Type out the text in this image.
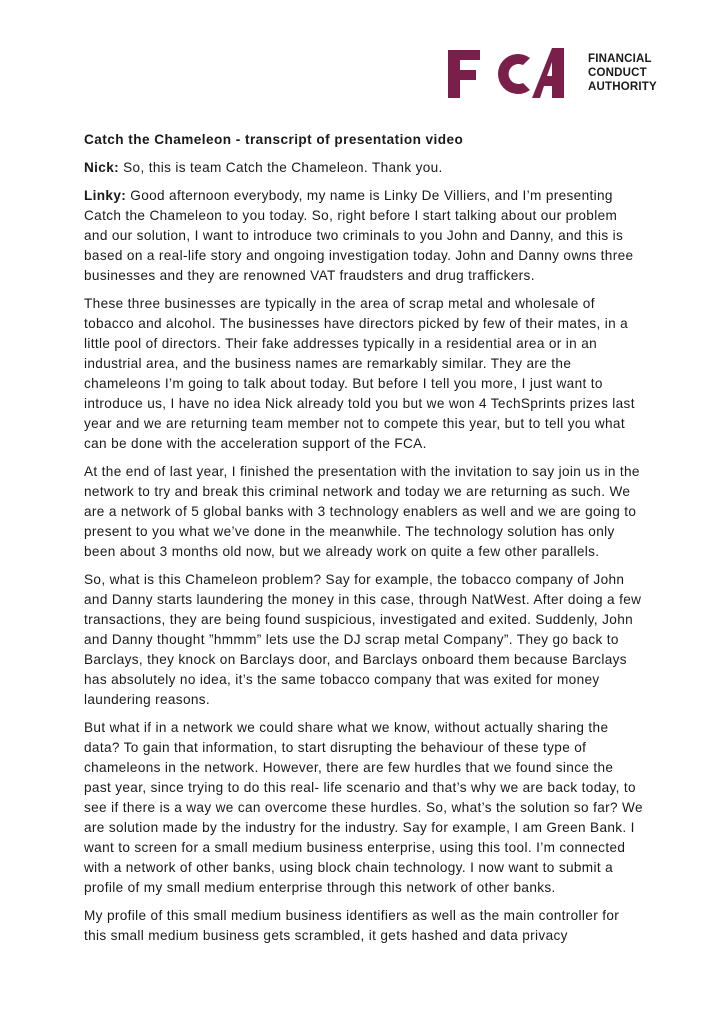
FINANCIAL
CONDUCT
AUTHORITY
Catch the Chameleon - transcript of presentation video

Nick: So, this is team Catch the Chameleon. Thank you.

Linky: Good afternoon everybody, my name is Linky De Villiers, and I’m presenting Catch the Chameleon to you today. So, right before I start talking about our problem and our solution, I want to introduce two criminals to you John and Danny, and this is based on a real-life story and ongoing investigation today. John and Danny owns three businesses and they are renowned VAT fraudsters and drug traffickers.

These three businesses are typically in the area of scrap metal and wholesale of tobacco and alcohol. The businesses have directors picked by few of their mates, in a little pool of directors. Their fake addresses typically in a residential area or in an industrial area, and the business names are remarkably similar. They are the chameleons I’m going to talk about today. But before I tell you more, I just want to introduce us, I have no idea Nick already told you but we won 4 TechSprints prizes last year and we are returning team member not to compete this year, but to tell you what can be done with the acceleration support of the FCA.

At the end of last year, I finished the presentation with the invitation to say join us in the network to try and break this criminal network and today we are returning as such. We are a network of 5 global banks with 3 technology enablers as well and we are going to present to you what we’ve done in the meanwhile. The technology solution has only been about 3 months old now, but we already work on quite a few other parallels.

So, what is this Chameleon problem? Say for example, the tobacco company of John and Danny starts laundering the money in this case, through NatWest. After doing a few transactions, they are being found suspicious, investigated and exited. Suddenly, John and Danny thought ”hmmm” lets use the DJ scrap metal Company”. They go back to Barclays, they knock on Barclays door, and Barclays onboard them because Barclays has absolutely no idea, it’s the same tobacco company that was exited for money laundering reasons.

But what if in a network we could share what we know, without actually sharing the data? To gain that information, to start disrupting the behaviour of these type of chameleons in the network. However, there are few hurdles that we found since the past year, since trying to do this real- life scenario and that’s why we are back today, to see if there is a way we can overcome these hurdles. So, what’s the solution so far? We are solution made by the industry for the industry. Say for example, I am Green Bank. I want to screen for a small medium business enterprise, using this tool. I’m connected with a network of other banks, using block chain technology. I now want to submit a profile of my small medium enterprise through this network of other banks.

My profile of this small medium business identifiers as well as the main controller for this small medium business gets scrambled, it gets hashed and data privacy
